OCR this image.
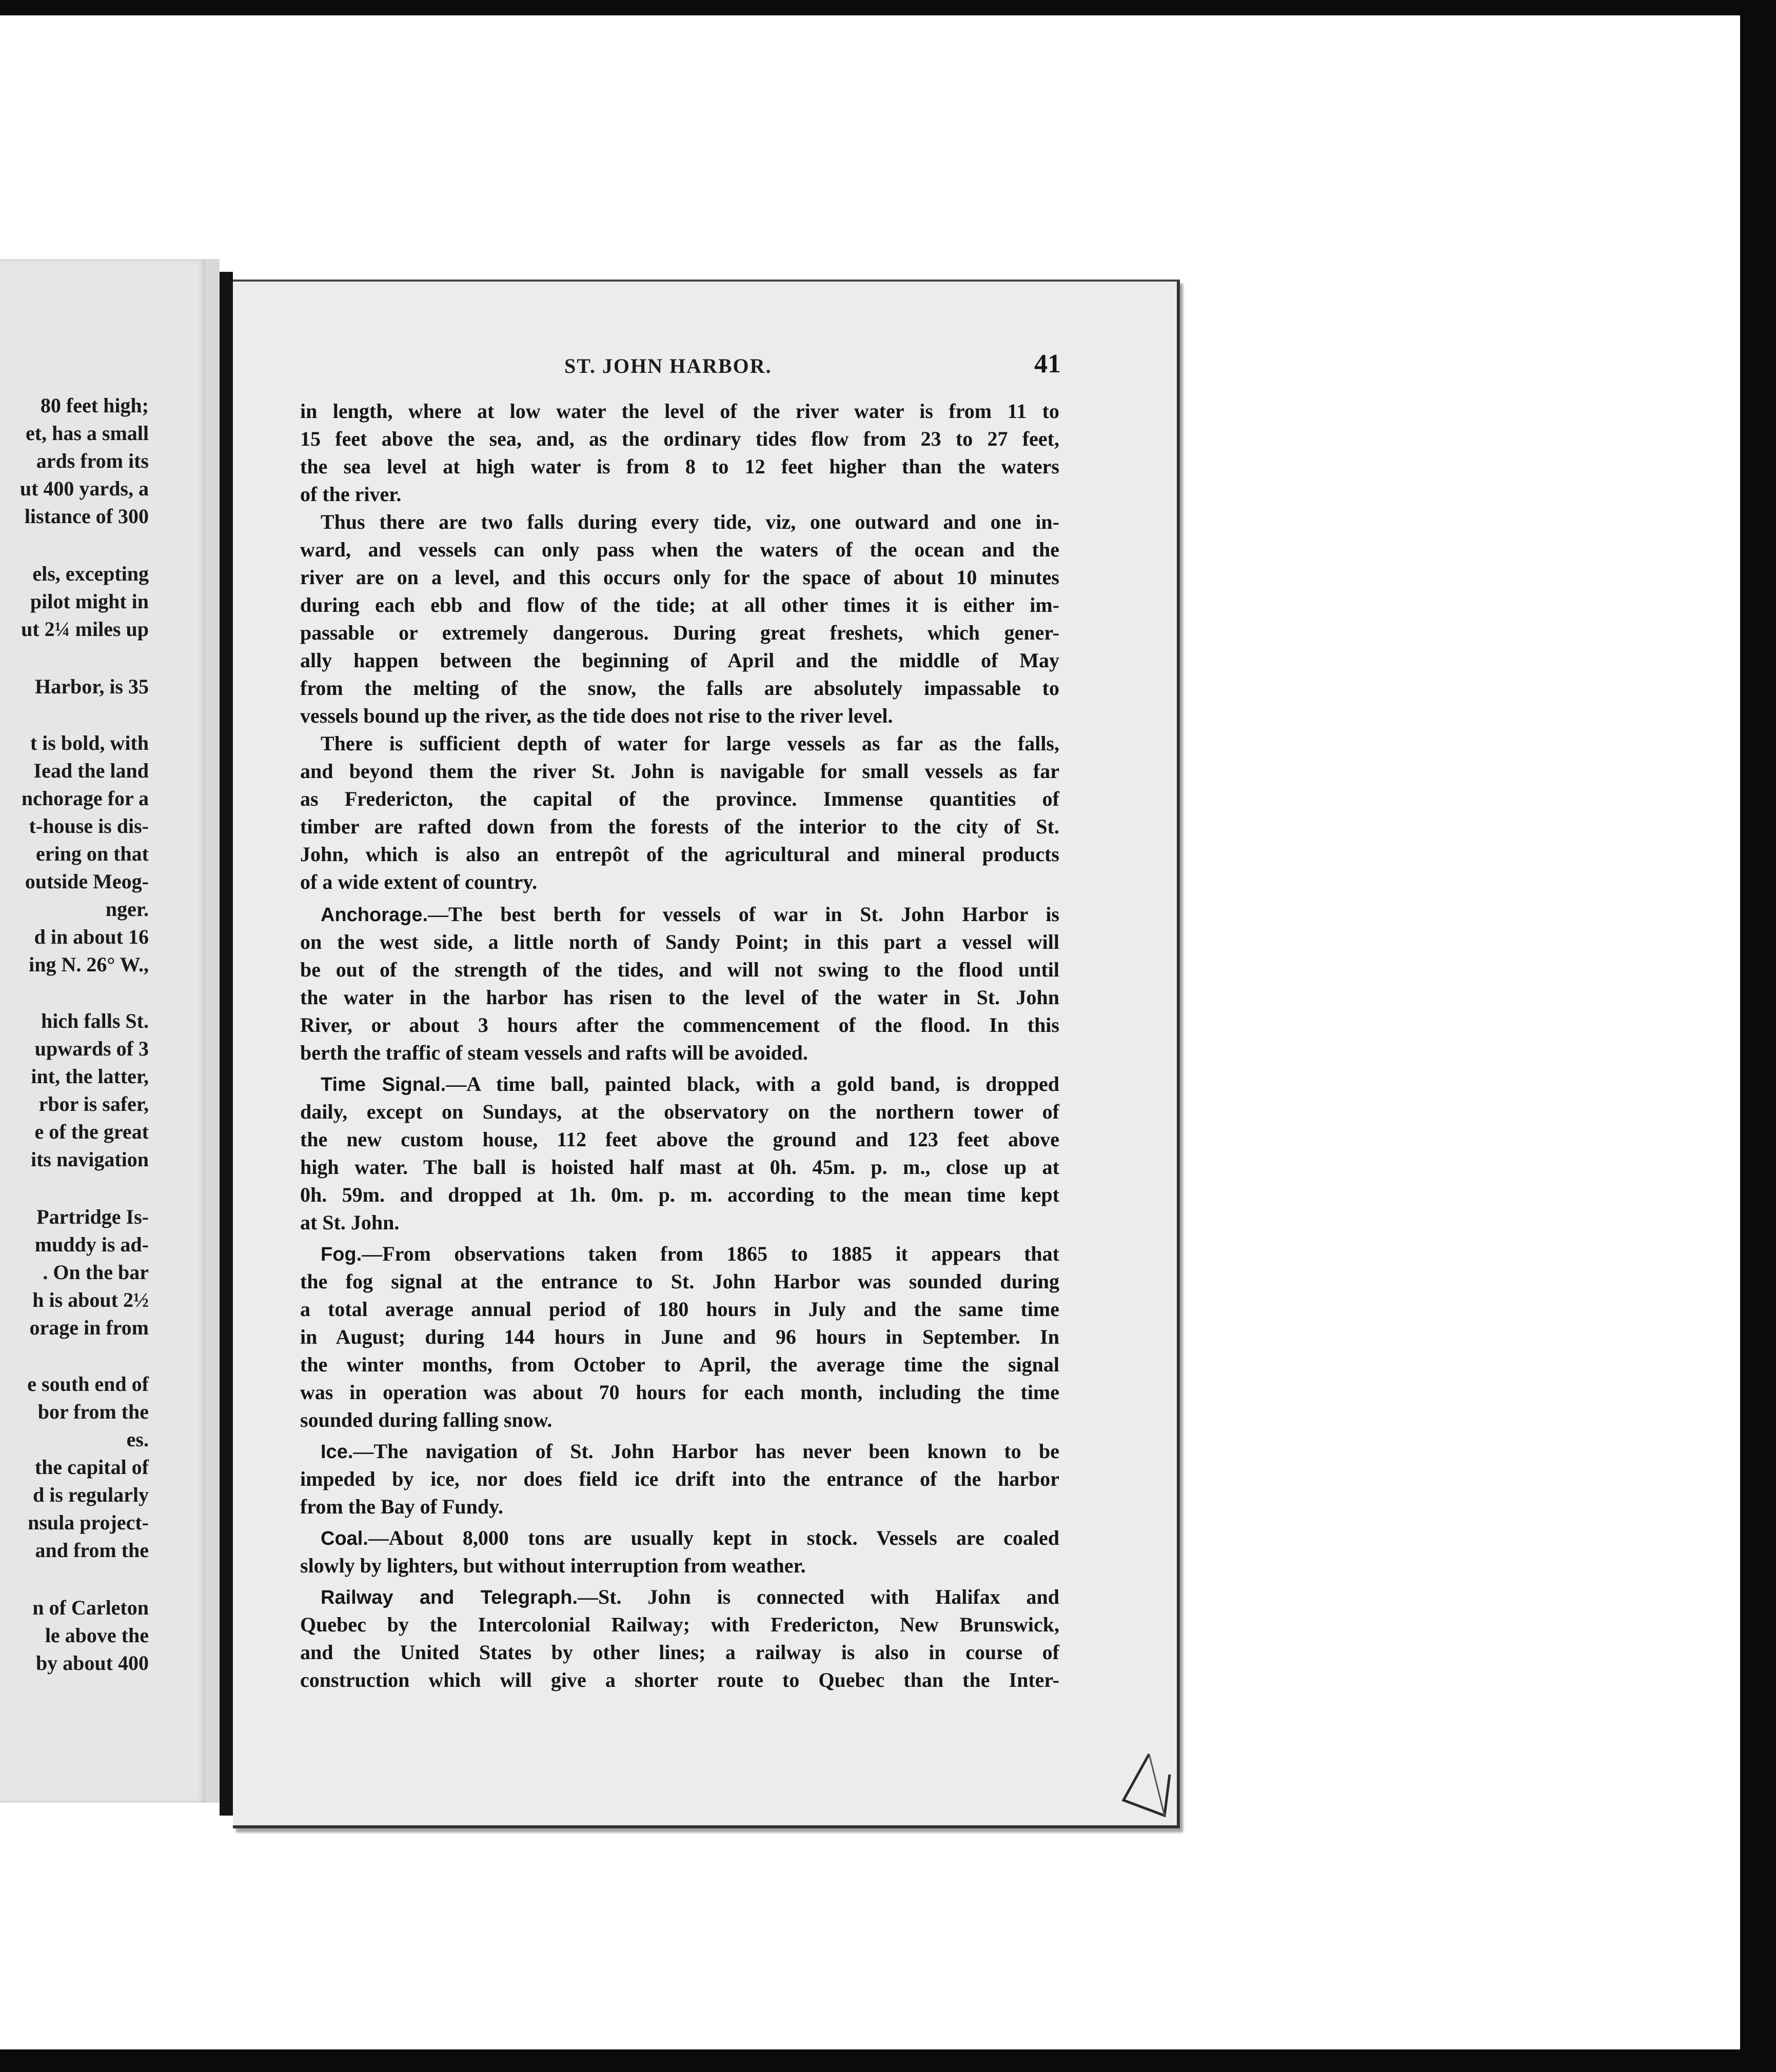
80 feet high;
et, has a small
ards from its
ut 400 yards, a
listance of 300
els, excepting
pilot might in
ut 2¼ miles up
Harbor, is 35
t is bold, with
Iead the land
nchorage for a
t-house is dis-
ering on that
outside Meog-
nger.
d in about 16
ing N. 26° W.,
hich falls St.
upwards of 3
int, the latter,
rbor is safer,
e of the great
its navigation
Partridge Is-
muddy is ad-
. On the bar
h is about 2½
orage in from
e south end of
bor from the
es.
the capital of
d is regularly
nsula project-
and from the
n of Carleton
le above the
by about 400
ST. JOHN HARBOR.	41
in length, where at low water the level of the river water is from 11 to
15 feet above the sea, and, as the ordinary tides flow from 23 to 27 feet,
the sea level at high water is from 8 to 12 feet higher than the waters
of the river.
Thus there are two falls during every tide, viz, one outward and one in-
ward, and vessels can only pass when the waters of the ocean and the
river are on a level, and this occurs only for the space of about 10 minutes
during each ebb and flow of the tide; at all other times it is either im-
passable or extremely dangerous. During great freshets, which gener-
ally happen between the beginning of April and the middle of May
from the melting of the snow, the falls are absolutely impassable to
vessels bound up the river, as the tide does not rise to the river level.
There is sufficient depth of water for large vessels as far as the falls,
and beyond them the river St. John is navigable for small vessels as far
as Fredericton, the capital of the province. Immense quantities of
timber are rafted down from the forests of the interior to the city of St.
John, which is also an entrepôt of the agricultural and mineral products
of a wide extent of country.
Anchorage.—The best berth for vessels of war in St. John Harbor is
on the west side, a little north of Sandy Point; in this part a vessel will
be out of the strength of the tides, and will not swing to the flood until
the water in the harbor has risen to the level of the water in St. John
River, or about 3 hours after the commencement of the flood. In this
berth the traffic of steam vessels and rafts will be avoided.
Time Signal.—A time ball, painted black, with a gold band, is dropped
daily, except on Sundays, at the observatory on the northern tower of
the new custom house, 112 feet above the ground and 123 feet above
high water. The ball is hoisted half mast at 0h. 45m. p. m., close up at
0h. 59m. and dropped at 1h. 0m. p. m. according to the mean time kept
at St. John.
Fog.—From observations taken from 1865 to 1885 it appears that
the fog signal at the entrance to St. John Harbor was sounded during
a total average annual period of 180 hours in July and the same time
in August; during 144 hours in June and 96 hours in September. In
the winter months, from October to April, the average time the signal
was in operation was about 70 hours for each month, including the time
sounded during falling snow.
Ice.—The navigation of St. John Harbor has never been known to be
impeded by ice, nor does field ice drift into the entrance of the harbor
from the Bay of Fundy.
Coal.—About 8,000 tons are usually kept in stock. Vessels are coaled
slowly by lighters, but without interruption from weather.
Railway and Telegraph.—St. John is connected with Halifax and
Quebec by the Intercolonial Railway; with Fredericton, New Brunswick,
and the United States by other lines; a railway is also in course of
construction which will give a shorter route to Quebec than the Inter-
